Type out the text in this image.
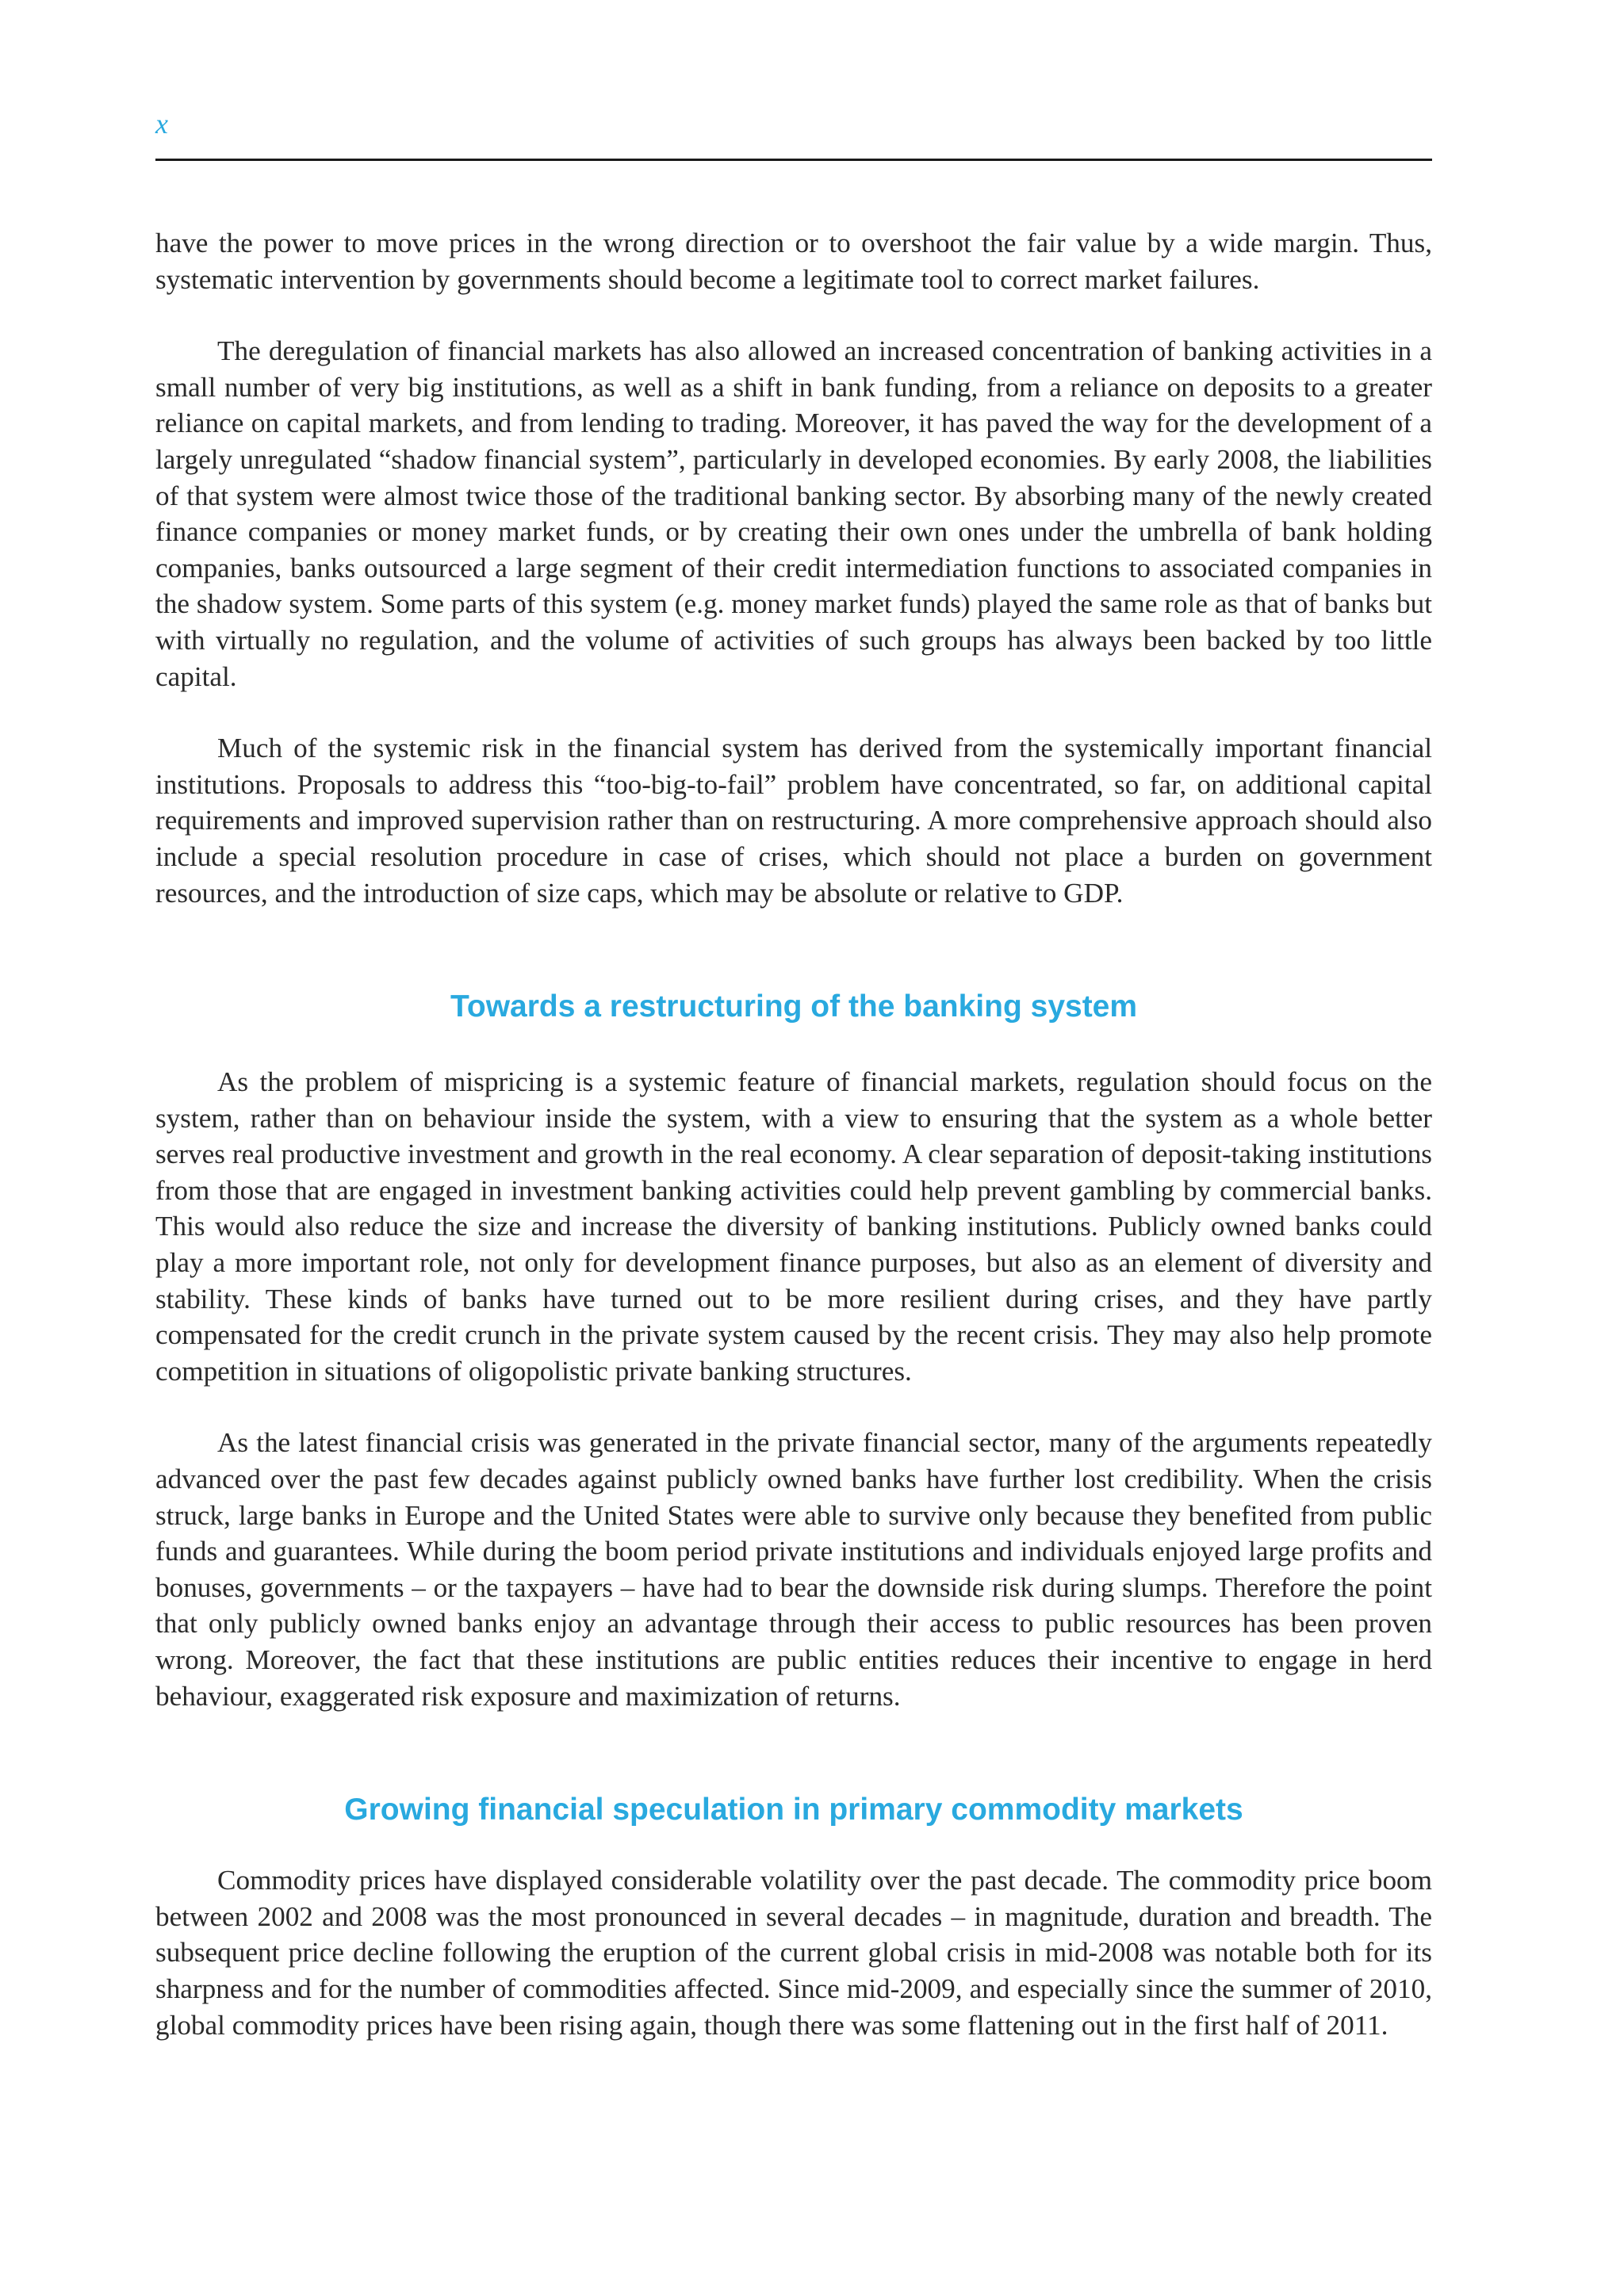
x

have the power to move prices in the wrong direction or to overshoot the fair value by a wide margin. Thus, systematic intervention by governments should become a legitimate tool to correct market failures.

The deregulation of financial markets has also allowed an increased concentration of banking activities in a small number of very big institutions, as well as a shift in bank funding, from a reliance on deposits to a greater reliance on capital markets, and from lending to trading. Moreover, it has paved the way for the development of a largely unregulated “shadow financial system”, particularly in developed economies. By early 2008, the liabilities of that system were almost twice those of the traditional banking sector. By absorbing many of the newly created finance companies or money market funds, or by creating their own ones under the umbrella of bank holding companies, banks outsourced a large segment of their credit intermediation functions to associated companies in the shadow system. Some parts of this system (e.g. money market funds) played the same role as that of banks but with virtually no regulation, and the volume of activities of such groups has always been backed by too little capital.

Much of the systemic risk in the financial system has derived from the systemically important financial institutions. Proposals to address this “too-big-to-fail” problem have concentrated, so far, on additional capital requirements and improved supervision rather than on restructuring. A more comprehensive approach should also include a special resolution procedure in case of crises, which should not place a burden on government resources, and the introduction of size caps, which may be absolute or relative to GDP.

Towards a restructuring of the banking system

As the problem of mispricing is a systemic feature of financial markets, regulation should focus on the system, rather than on behaviour inside the system, with a view to ensuring that the system as a whole better serves real productive investment and growth in the real economy. A clear separation of deposit-taking institutions from those that are engaged in investment banking activities could help prevent gambling by commercial banks. This would also reduce the size and increase the diversity of banking institutions. Publicly owned banks could play a more important role, not only for development finance purposes, but also as an element of diversity and stability. These kinds of banks have turned out to be more resilient during crises, and they have partly compensated for the credit crunch in the private system caused by the recent crisis. They may also help promote competition in situations of oligopolistic private banking structures.

As the latest financial crisis was generated in the private financial sector, many of the arguments repeatedly advanced over the past few decades against publicly owned banks have further lost credibility. When the crisis struck, large banks in Europe and the United States were able to survive only because they benefited from public funds and guarantees. While during the boom period private institutions and individuals enjoyed large profits and bonuses, governments – or the taxpayers – have had to bear the downside risk during slumps. Therefore the point that only publicly owned banks enjoy an advantage through their access to public resources has been proven wrong. Moreover, the fact that these institutions are public entities reduces their incentive to engage in herd behaviour, exaggerated risk exposure and maximization of returns.

Growing financial speculation in primary commodity markets

Commodity prices have displayed considerable volatility over the past decade. The commodity price boom between 2002 and 2008 was the most pronounced in several decades – in magnitude, duration and breadth. The subsequent price decline following the eruption of the current global crisis in mid-2008 was notable both for its sharpness and for the number of commodities affected. Since mid-2009, and especially since the summer of 2010, global commodity prices have been rising again, though there was some flattening out in the first half of 2011.
